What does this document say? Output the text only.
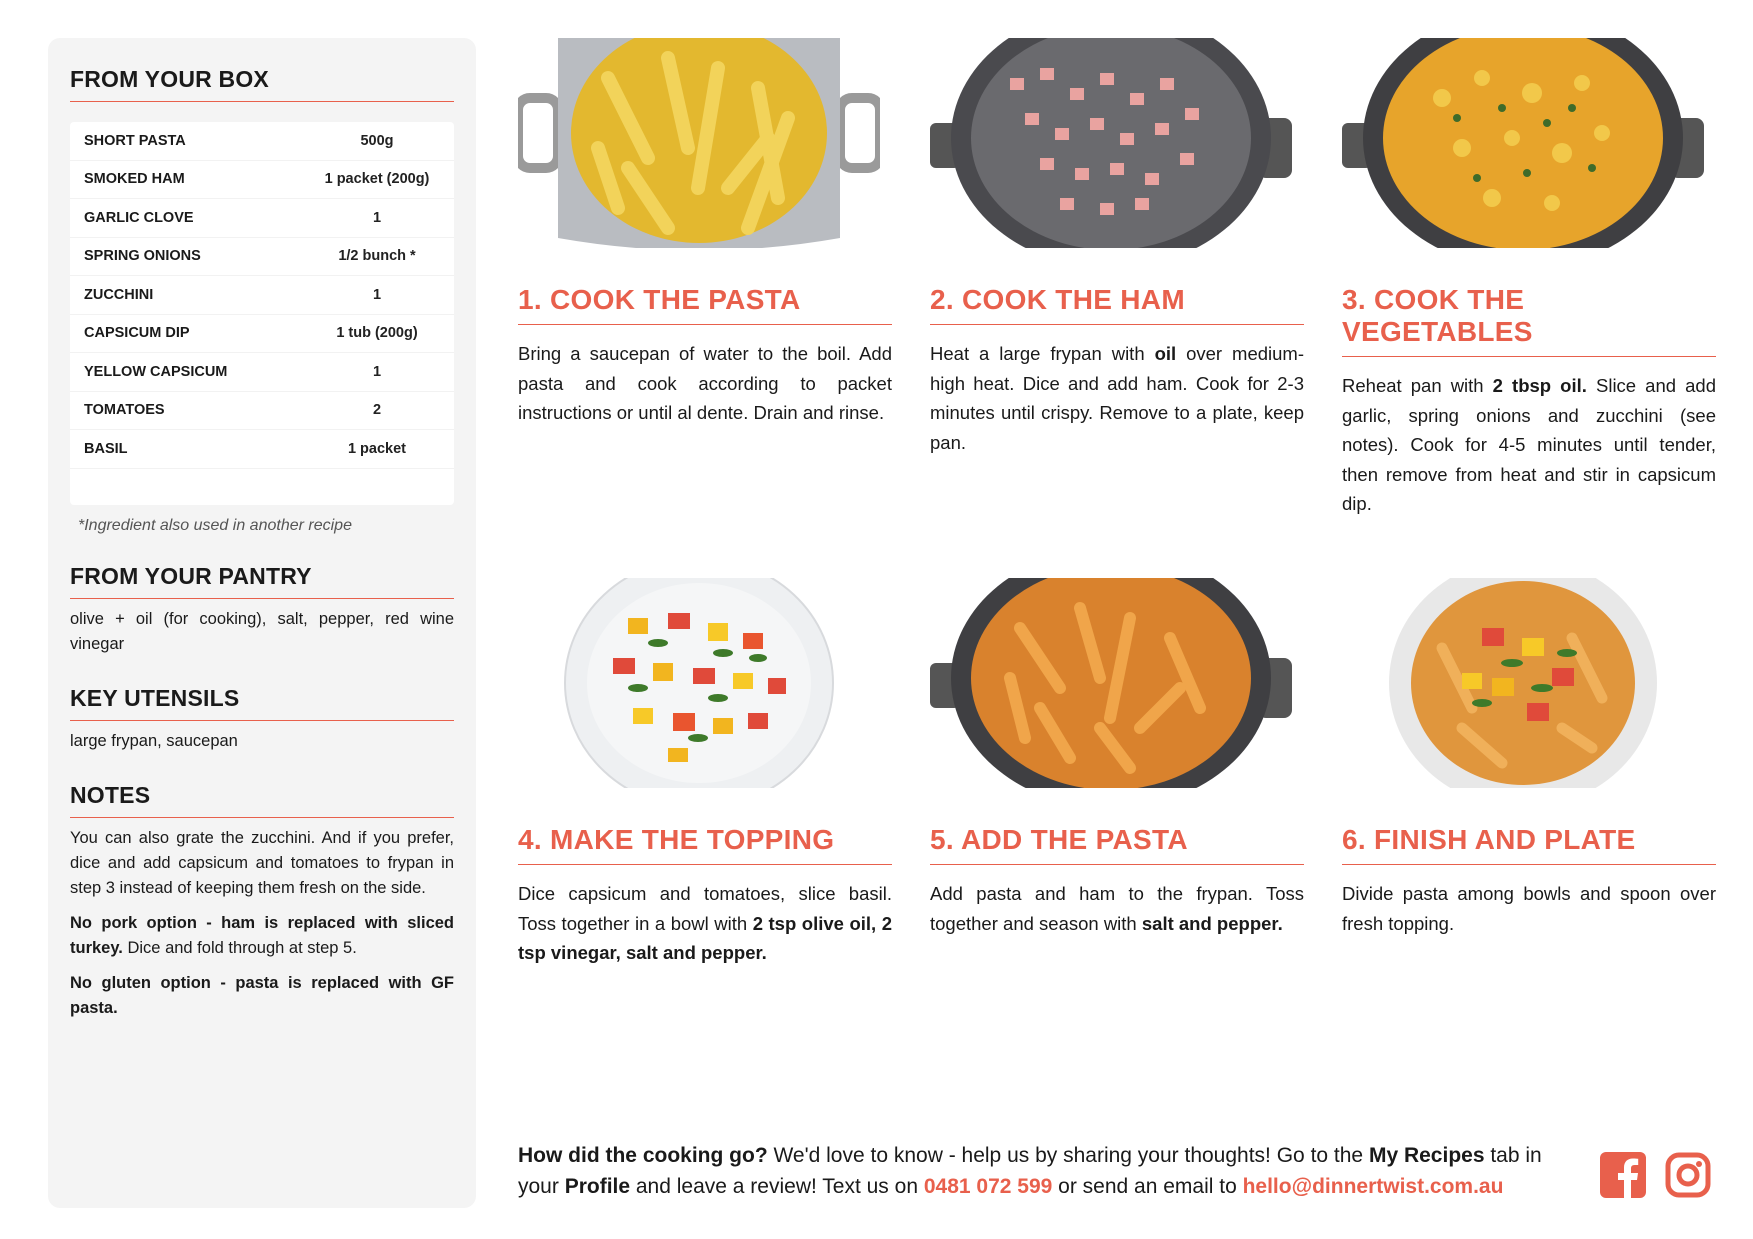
FROM YOUR BOX
SHORT PASTA	500g
SMOKED HAM	1 packet (200g)
GARLIC CLOVE	1
SPRING ONIONS	1/2 bunch *
ZUCCHINI	1
CAPSICUM DIP	1 tub (200g)
YELLOW CAPSICUM	1
TOMATOES	2
BASIL	1 packet

*Ingredient also used in another recipe

FROM YOUR PANTRY

olive + oil (for cooking), salt, pepper, red wine vinegar

KEY UTENSILS

large frypan, saucepan

NOTES

You can also grate the zucchini. And if you prefer, dice and add capsicum and tomatoes to frypan in step 3 instead of keeping them fresh on the side.

No pork option - ham is replaced with sliced turkey. Dice and fold through at step 5.

No gluten option - pasta is replaced with GF pasta.

1. COOK THE PASTA

Bring a saucepan of water to the boil. Add pasta and cook according to packet instructions or until al dente. Drain and rinse.

2. COOK THE HAM

Heat a large frypan with oil over medium-high heat. Dice and add ham. Cook for 2-3 minutes until crispy. Remove to a plate, keep pan.

3. COOK THE VEGETABLES

Reheat pan with 2 tbsp oil. Slice and add garlic, spring onions and zucchini (see notes). Cook for 4-5 minutes until tender, then remove from heat and stir in capsicum dip.

4. MAKE THE TOPPING

Dice capsicum and tomatoes, slice basil. Toss together in a bowl with 2 tsp olive oil, 2 tsp vinegar, salt and pepper.

5. ADD THE PASTA

Add pasta and ham to the frypan. Toss together and season with salt and pepper.

6. FINISH AND PLATE

Divide pasta among bowls and spoon over fresh topping.

How did the cooking go? We'd love to know - help us by sharing your thoughts! Go to the My Recipes tab in your Profile and leave a review! Text us on 0481 072 599 or send an email to hello@dinnertwist.com.au
